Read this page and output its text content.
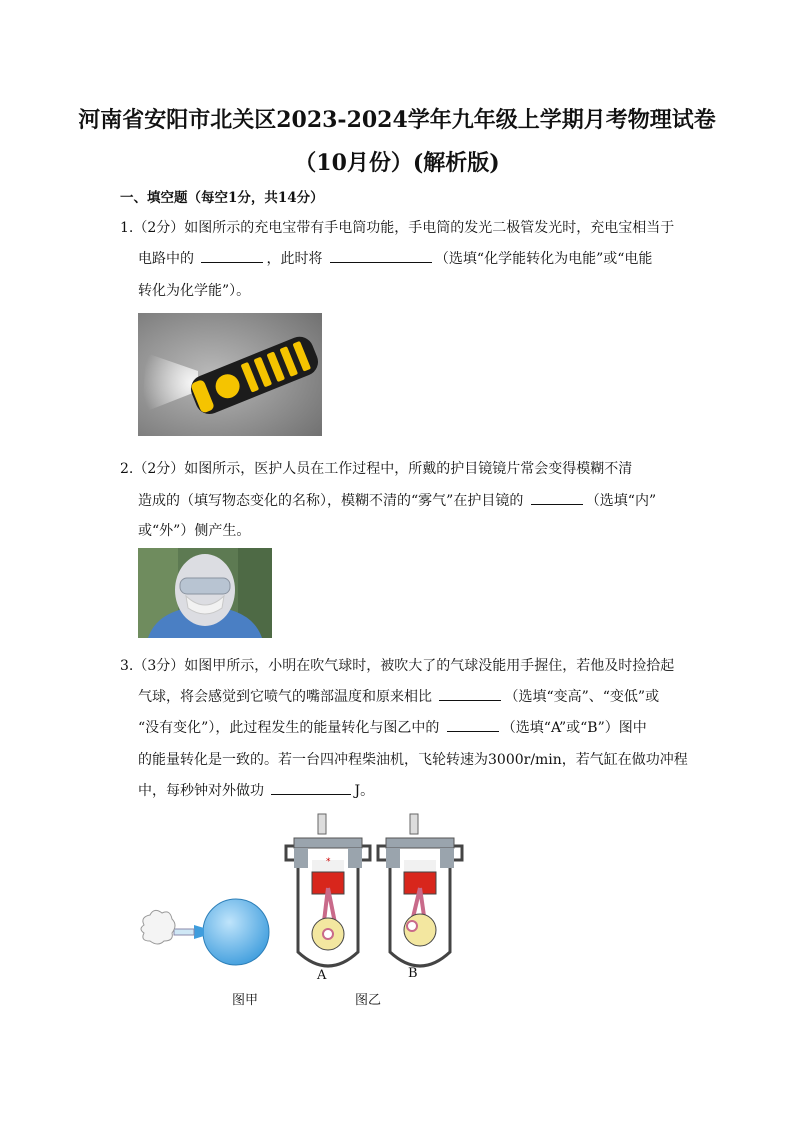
河南省安阳市北关区2023-2024学年九年级上学期月考物理试卷
（10月份）(解析版)
一、填空题（每空1分，共14分）
1.（2分）如图所示的充电宝带有手电筒功能，手电筒的发光二极管发光时，充电宝相当于
电路中的	，此时将	（选填“化学能转化为电能”或“电能
转化为化学能”）。
2.（2分）如图所示，医护人员在工作过程中，所戴的护目镜镜片常会变得模糊不清
造成的（填写物态变化的名称），模糊不清的“雾气”在护目镜的	（选填“内”
或“外”）侧产生。
3.（3分）如图甲所示，小明在吹气球时，被吹大了的气球没能用手握住，若他及时捡拾起
气球，将会感觉到它喷气的嘴部温度和原来相比	（选填“变高”、“变低”或
“没有变化”），此过程发生的能量转化与图乙中的	（选填“A”或“B”）图中
的能量转化是一致的。若一台四冲程柴油机，飞轮转速为3000r/min，若气缸在做功冲程
中，每秒钟对外做功	J。
*
A	B
图甲	图乙
